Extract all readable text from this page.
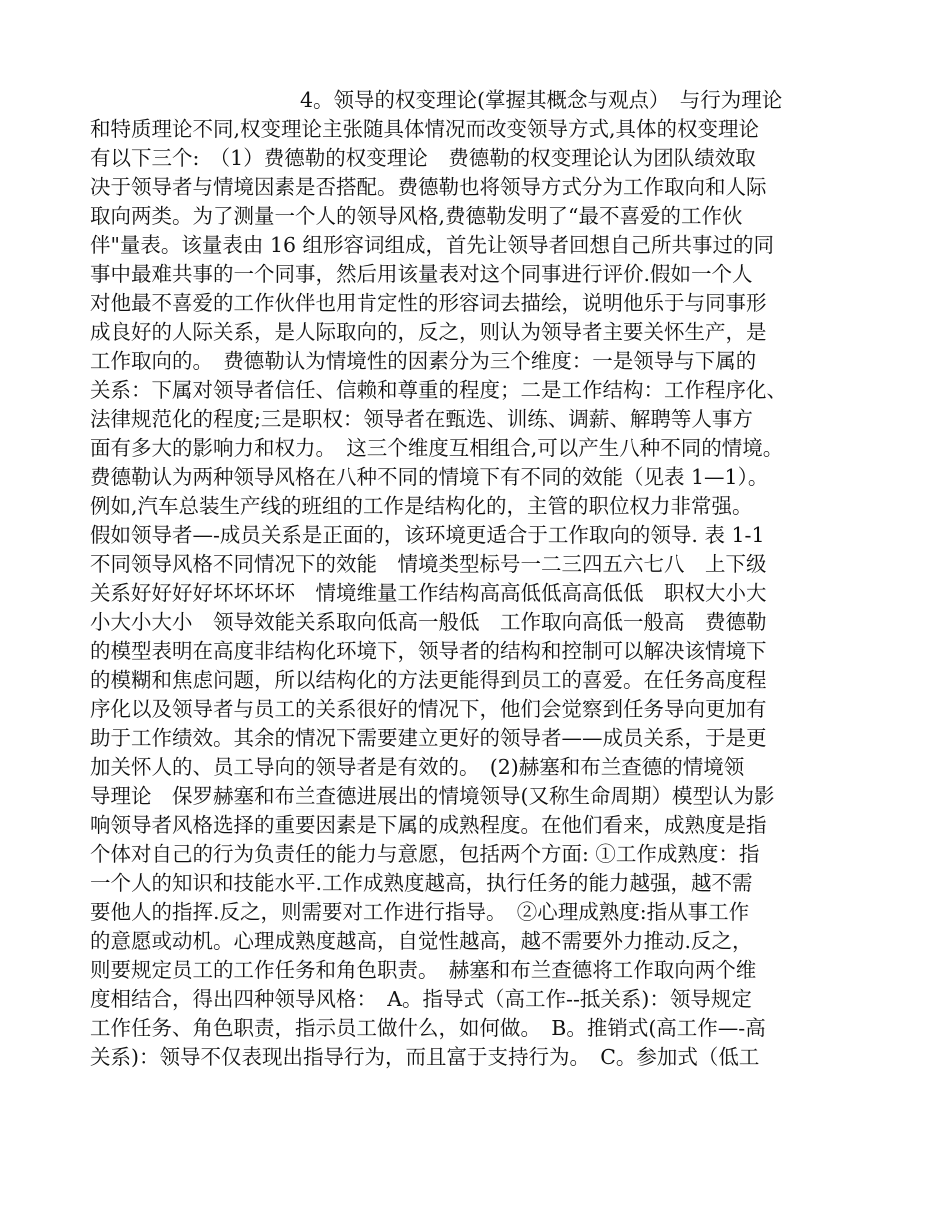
4。领导的权变理论(掌握其概念与观点）　与行为理论
和特质理论不同,权变理论主张随具体情况而改变领导方式,具体的权变理论
有以下三个:　（1）费德勒的权变理论　费德勒的权变理论认为团队绩效取
决于领导者与情境因素是否搭配。费德勒也将领导方式分为工作取向和人际
取向两类。为了测量一个人的领导风格,费德勒发明了“最不喜爱的工作伙
伴"量表。该量表由 16 组形容词组成，首先让领导者回想自己所共事过的同
事中最难共事的一个同事，然后用该量表对这个同事进行评价.假如一个人
对他最不喜爱的工作伙伴也用肯定性的形容词去描绘，说明他乐于与同事形
成良好的人际关系，是人际取向的，反之，则认为领导者主要关怀生产，是
工作取向的。　费德勒认为情境性的因素分为三个维度：一是领导与下属的
关系：下属对领导者信任、信赖和尊重的程度；二是工作结构：工作程序化、
法律规范化的程度;三是职权：领导者在甄选、训练、调薪、解聘等人事方
面有多大的影响力和权力。　这三个维度互相组合,可以产生八种不同的情境。
费德勒认为两种领导风格在八种不同的情境下有不同的效能（见表 1—1）。
例如,汽车总装生产线的班组的工作是结构化的，主管的职位权力非常强。
假如领导者—-成员关系是正面的，该环境更适合于工作取向的领导. 表 1-1
不同领导风格不同情况下的效能　情境类型标号一二三四五六七八　上下级
关系好好好好坏坏坏坏　情境维量工作结构高高低低高高低低　职权大小大
小大小大小　领导效能关系取向低高一般低　工作取向高低一般高　费德勒
的模型表明在高度非结构化环境下，领导者的结构和控制可以解决该情境下
的模糊和焦虑问题，所以结构化的方法更能得到员工的喜爱。在任务高度程
序化以及领导者与员工的关系很好的情况下，他们会觉察到任务导向更加有
助于工作绩效。其余的情况下需要建立更好的领导者——成员关系，于是更
加关怀人的、员工导向的领导者是有效的。　(2)赫塞和布兰查德的情境领
导理论　保罗赫塞和布兰查德进展出的情境领导(又称生命周期）模型认为影
响领导者风格选择的重要因素是下属的成熟程度。在他们看来，成熟度是指
个体对自己的行为负责任的能力与意愿，包括两个方面: ①工作成熟度：指
一个人的知识和技能水平.工作成熟度越高，执行任务的能力越强，越不需
要他人的指挥.反之，则需要对工作进行指导。　②心理成熟度:指从事工作
的意愿或动机。心理成熟度越高，自觉性越高，越不需要外力推动.反之，
则要规定员工的工作任务和角色职责。　赫塞和布兰查德将工作取向两个维
度相结合，得出四种领导风格：　A。指导式（高工作--抵关系)：领导规定
工作任务、角色职责，指示员工做什么，如何做。　B。推销式(高工作—-高
关系)：领导不仅表现出指导行为，而且富于支持行为。　C。参加式（低工
